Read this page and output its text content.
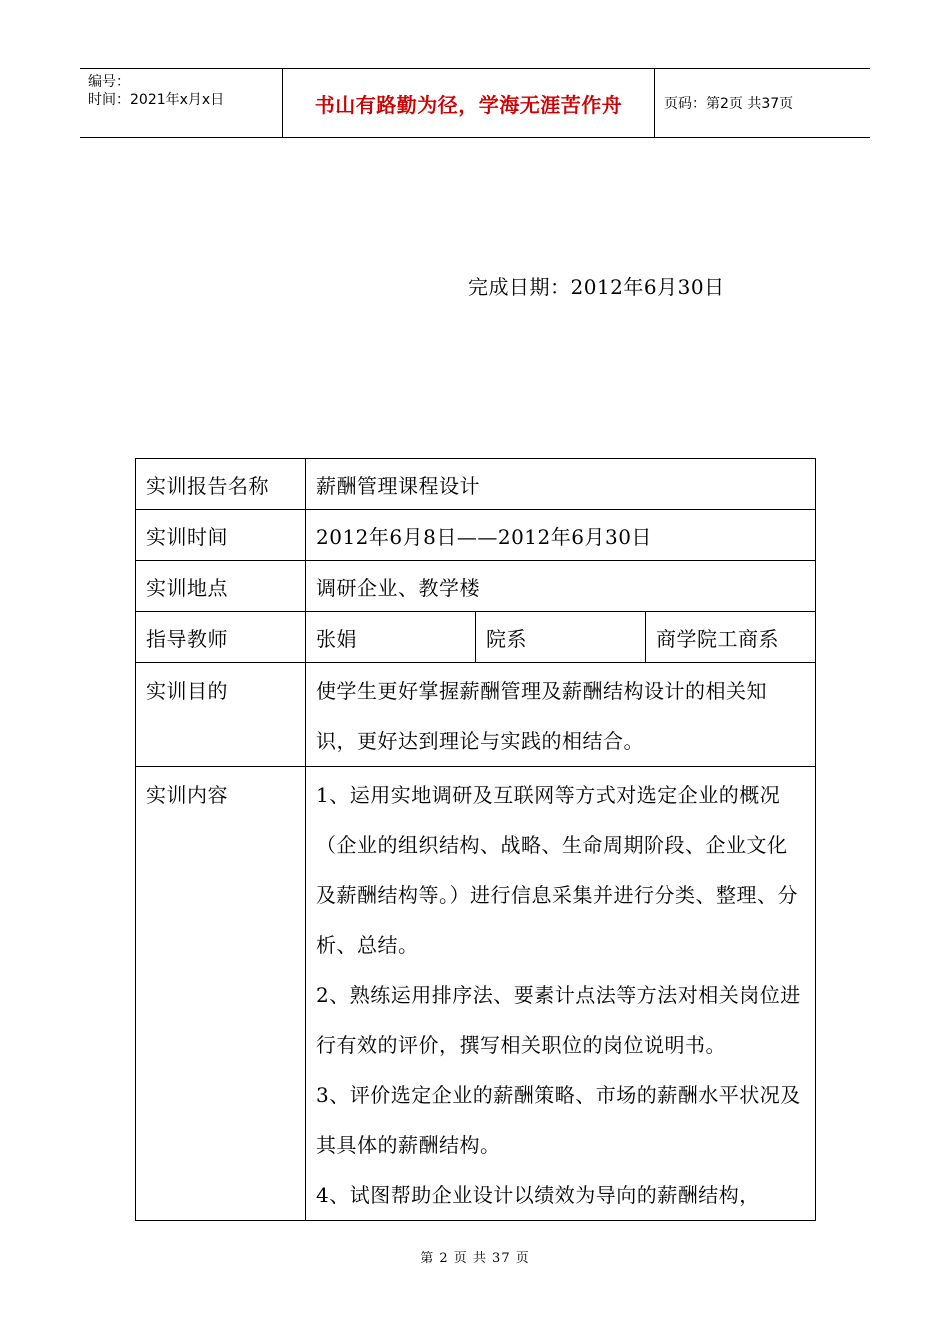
编号：
时间：2021年x月x日	书山有路勤为径，学海无涯苦作舟	页码：第2页 共37页
完成日期：2012年6月30日
实训报告名称	薪酬管理课程设计		
实训时间	2012年6月8日——2012年6月30日		
实训地点	调研企业、教学楼		
指导教师	张娟	院系	商学院工商系
实训目的	使学生更好掌握薪酬管理及薪酬结构设计的相关知识，更好达到理论与实践的相结合。		
实训内容	1、运用实地调研及互联网等方式对选定企业的概况（企业的组织结构、战略、生命周期阶段、企业文化及薪酬结构等。）进行信息采集并进行分类、整理、分析、总结。
2、熟练运用排序法、要素计点法等方法对相关岗位进行有效的评价，撰写相关职位的岗位说明书。
3、评价选定企业的薪酬策略、市场的薪酬水平状况及其具体的薪酬结构。
4、试图帮助企业设计以绩效为导向的薪酬结构，		
第 2 页 共 37 页
